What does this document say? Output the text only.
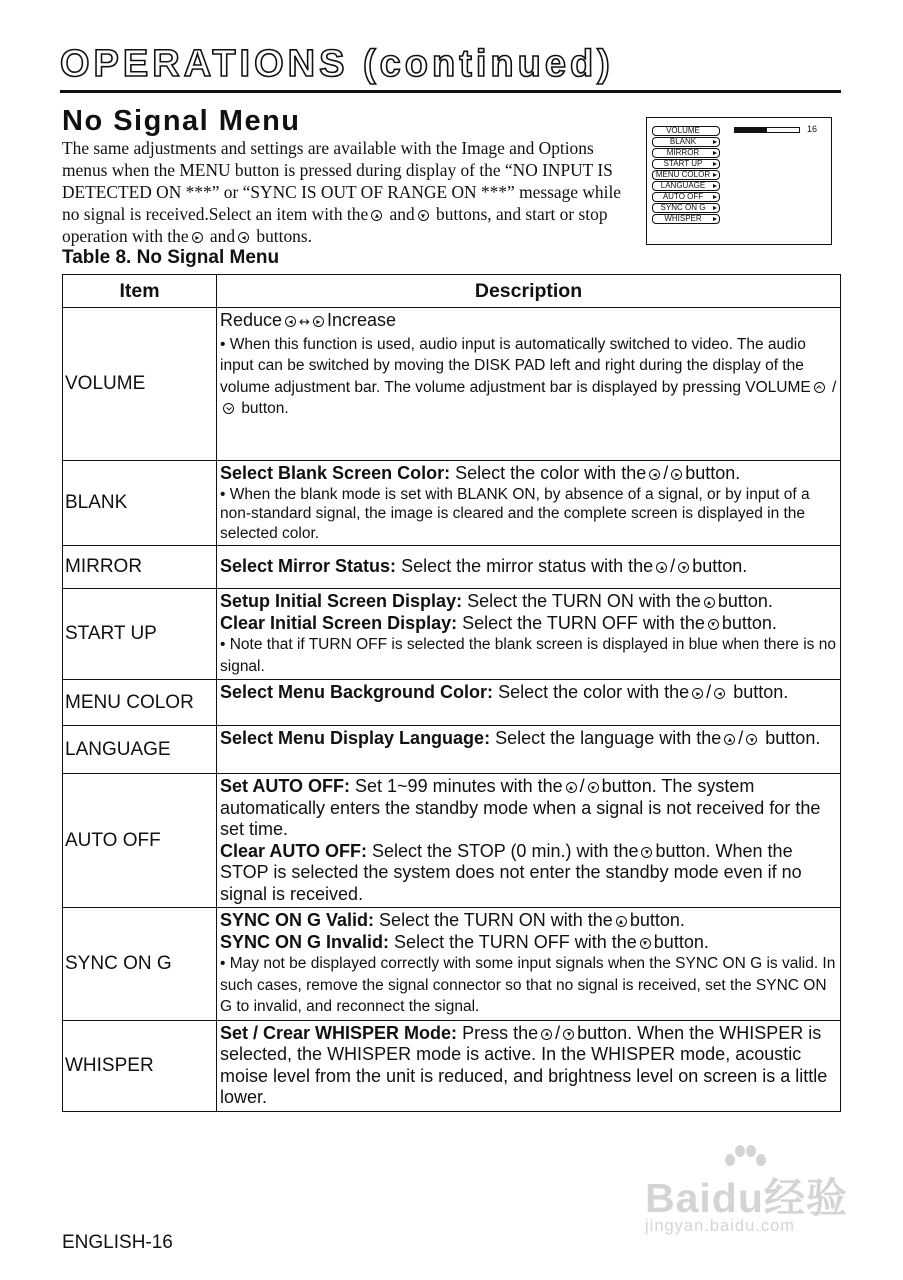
OPERATIONS (continued)
No Signal Menu

The same adjustments and settings are available with the Image and Options menus when the MENU button is pressed during display of the “NO INPUT IS DETECTED ON ***” or “SYNC IS OUT OF RANGE ON ***” message while no signal is received.Select an item with the and buttons, and start or stop operation with the and buttons.

VOLUME
BLANK
MIRROR
START UP
MENU COLOR
LANGUAGE
AUTO OFF
SYNC ON G
WHISPER
16

Table 8. No Signal Menu

Item	Description
VOLUME	Reduce ↔ Increase
• When this function is used, audio input is automatically switched to video. The audio input can be switched by moving the DISK PAD left and right during the display of the volume adjustment bar. The volume adjustment bar is displayed by pressing VOLUME /  button.

BLANK	Select Blank Screen Color: Select the color with the / button.
• When the blank mode is set with BLANK ON, by absence of a signal, or by input of a non-standard signal, the image is cleared and the complete screen is displayed in the selected color.

MIRROR	Select Mirror Status: Select the mirror status with the / button.
START UP	Setup Initial Screen Display: Select the TURN ON with the button.
Clear Initial Screen Display: Select the TURN OFF with the button.
• Note that if TURN OFF is selected the blank screen is displayed in blue when there is no signal.

MENU COLOR	Select Menu Background Color: Select the color with the / button.
LANGUAGE	Select Menu Display Language: Select the language with the / button.
AUTO OFF	Set AUTO OFF: Set 1~99 minutes with the / button. The system automatically enters the standby mode when a signal is not received for the set time.
Clear AUTO OFF: Select the STOP (0 min.) with the button. When the STOP is selected the system does not enter the standby mode even if no signal is received.

SYNC ON G	SYNC ON G Valid: Select the TURN ON with the button.
SYNC ON G Invalid: Select the TURN OFF with the button.
• May not be displayed correctly with some input signals when the SYNC ON G is valid. In such cases, remove the signal connector so that no signal is received, set the SYNC ON G to invalid, and reconnect the signal.

WHISPER	Set / Crear WHISPER Mode: Press the / button. When the WHISPER is selected, the WHISPER mode is active. In the WHISPER mode, acoustic moise level from the unit is reduced, and brightness level on screen is a little lower.
Baidu经验
jingyan.baidu.com

ENGLISH-16
